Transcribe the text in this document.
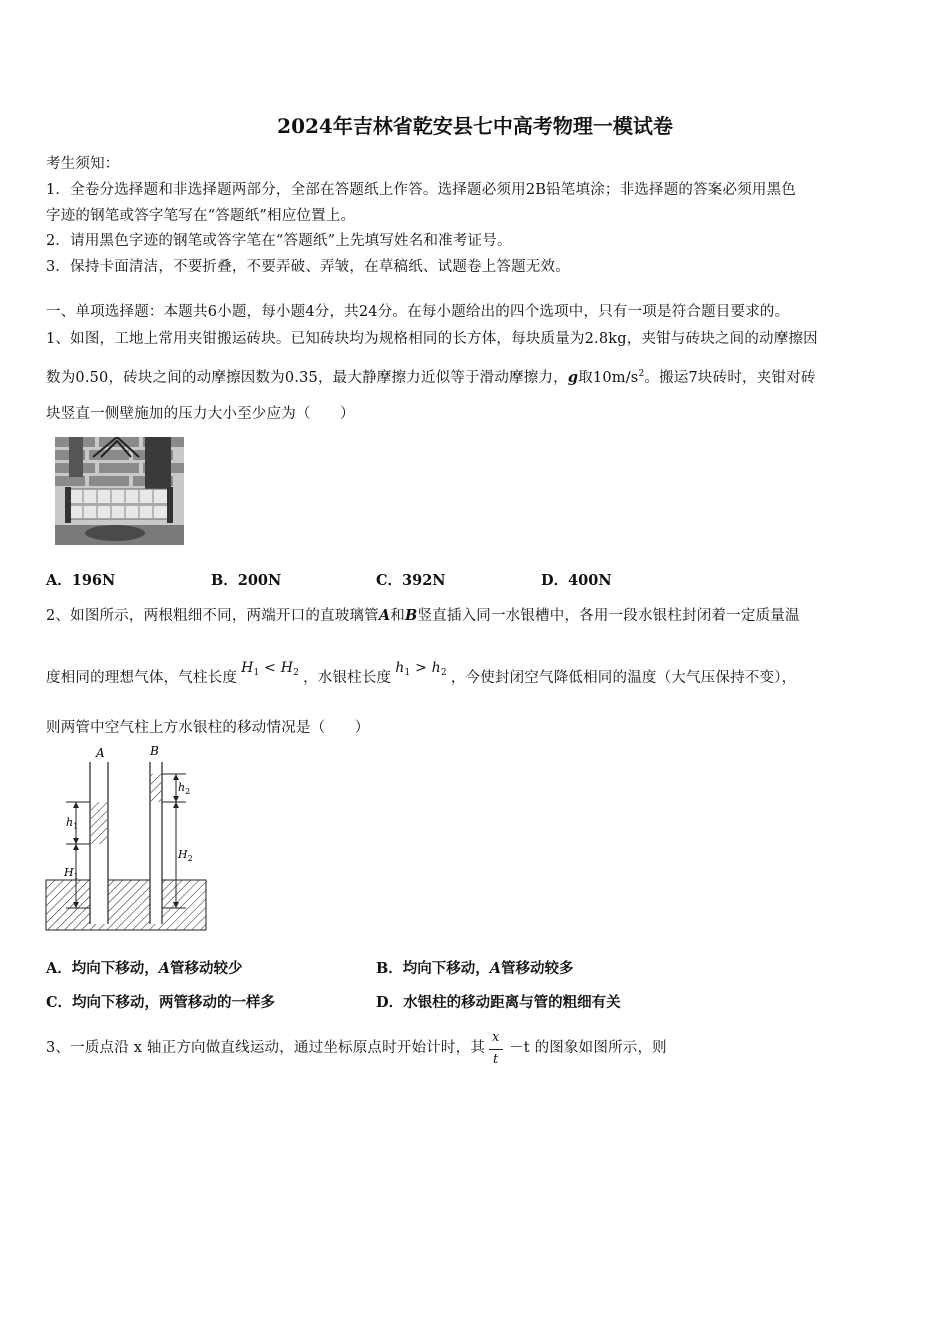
2024年吉林省乾安县七中高考物理一模试卷
考生须知：
1．全卷分选择题和非选择题两部分，全部在答题纸上作答。选择题必须用2B铅笔填涂；非选择题的答案必须用黑色
字迹的钢笔或答字笔写在“答题纸”相应位置上。
2．请用黑色字迹的钢笔或答字笔在“答题纸”上先填写姓名和准考证号。
3．保持卡面清洁，不要折叠，不要弄破、弄皱，在草稿纸、试题卷上答题无效。
一、单项选择题：本题共6小题，每小题4分，共24分。在每小题给出的四个选项中，只有一项是符合题目要求的。
1、如图，工地上常用夹钳搬运砖块。已知砖块均为规格相同的长方体，每块质量为2.8kg，夹钳与砖块之间的动摩擦因
数为0.50，砖块之间的动摩擦因数为0.35，最大静摩擦力近似等于滑动摩擦力，g取$10m/s^2$。搬运7块砖时，夹钳对砖
块竖直一侧壁施加的压力大小至少应为（　　）
A．196N	B．200N	C．392N	D．400N
2、如图所示，两根粗细不同，两端开口的直玻璃管A和B竖直插入同一水银槽中，各用一段水银柱封闭着一定质量温
度相同的理想气体，气柱长度$H_1 < H_2$ ，水银柱长度$h_1 > h_2$ ，今使封闭空气降低相同的温度（大气压保持不变），
则两管中空气柱上方水银柱的移动情况是（　　）
A	B
$h_1$
$H_1$
$h_2$
$H_2$
A．均向下移动，A管移动较少	B．均向下移动，A管移动较多
C．均向下移动，两管移动的一样多	D．水银柱的移动距离与管的粗细有关
3、一质点沿 x 轴正方向做直线运动，通过坐标原点时开始计时，其 $\frac{x}{t} -t$ 的图象如图所示，则
